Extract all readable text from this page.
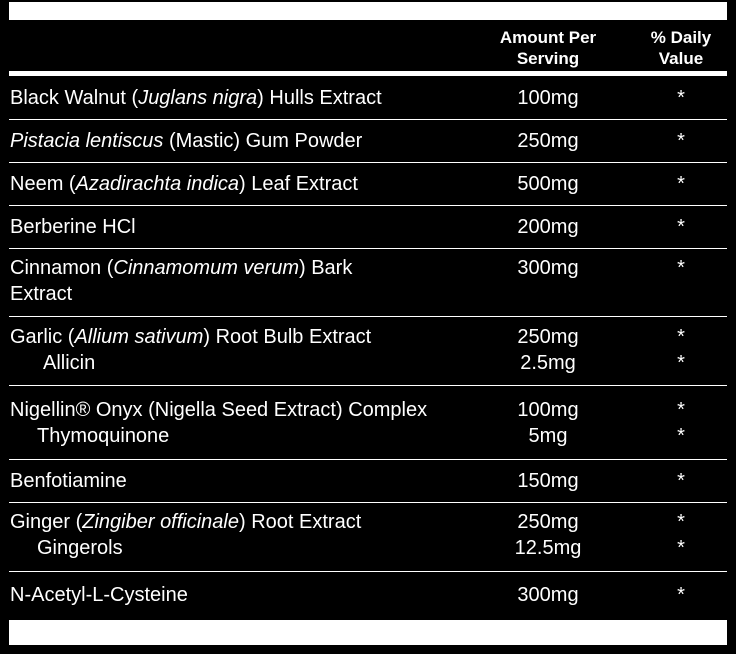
Amount Per
Serving
% Daily
Value
Black Walnut (Juglans nigra) Hulls Extract	100mg	*
Pistacia lentiscus (Mastic) Gum Powder	250mg	*
Neem (Azadirachta indica) Leaf Extract	500mg	*
Berberine HCl	200mg	*
Cinnamon (Cinnamomum verum) Bark	300mg	*
Extract
Garlic (Allium sativum) Root Bulb Extract	250mg	*
Allicin	2.5mg	*
Nigellin® Onyx (Nigella Seed Extract) Complex	100mg	*
Thymoquinone	5mg	*
Benfotiamine	150mg	*
Ginger (Zingiber officinale) Root Extract	250mg	*
Gingerols	12.5mg	*
N-Acetyl-L-Cysteine	300mg	*
